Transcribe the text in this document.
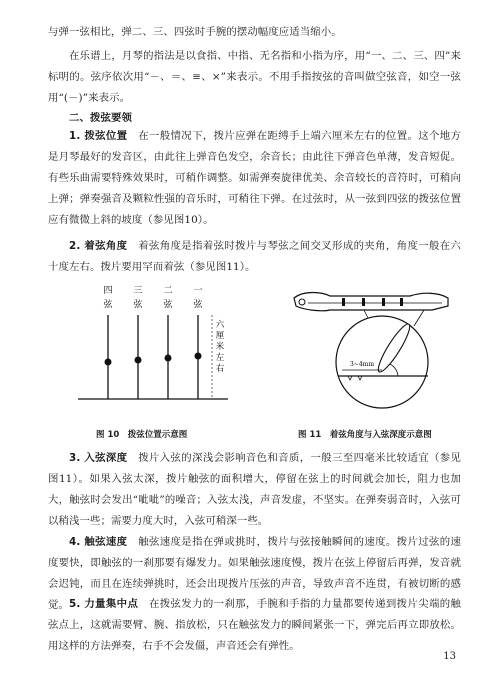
与弹一弦相比，弹二、三、四弦时手腕的摆动幅度应适当缩小。

在乐谱上，月琴的指法是以食指、中指、无名指和小指为序，用“一、二、三、四”来标明的。弦序依次用“－、＝、≡、×”来表示。不用手指按弦的音叫做空弦音，如空一弦用“(－)”来表示。

二、拨弦要领

1. 拨弦位置　 在一般情况下，拨片应弹在距缚手上端六厘米左右的位置。这个地方是月琴最好的发音区，由此往上弹音色发空，余音长；由此往下弹音色单薄，发音短促。有些乐曲需要特殊效果时，可稍作调整。如需弹奏旋律优美、余音较长的音符时，可稍向上弹；弹奏强音及颗粒性强的音乐时，可稍往下弹。在过弦时，从一弦到四弦的拨弦位置应有微微上斜的坡度（参见图10）。

2. 着弦角度　 着弦角度是指着弦时拨片与琴弦之间交叉形成的夹角，角度一般在六十度左右。拨片要用罕而着弦（参见图11）。

四 三 二 一
弦 弦 弦 弦
六
厘
米
左
右	3~4mm
图 10　拨弦位置示意图	图 11　着弦角度与入弦深度示意图

3. 入弦深度　 拨片入弦的深浅会影响音色和音质，一般三至四毫米比较适宜（参见图11）。如果入弦太深，拨片触弦的面积增大，停留在弦上的时间就会加长，阻力也加大，触弦时会发出“呲呲”的噪音；入弦太浅，声音发虚，不坚实。在弹奏弱音时，入弦可以稍浅一些；需要力度大时，入弦可稍深一些。

4. 触弦速度　 触弦速度是指在弹或挑时，拨片与弦接触瞬间的速度。拨片过弦的速度要快，即触弦的一刹那要有爆发力。如果触弦速度慢，拨片在弦上停留后再弹，发音就会迟钝，而且在连续弹挑时，还会出现拨片压弦的声音，导致声音不连贯，有被切断的感觉。 5. 力量集中点　 在拨弦发力的一刹那，手腕和手指的力量都要传递到拨片尖端的触弦点上，这就需要臂、腕、指放松，只在触弦发力的瞬间紧张一下，弹完后再立即放松。用这样的方法弹奏，右手不会发僵，声音还会有弹性。

13
